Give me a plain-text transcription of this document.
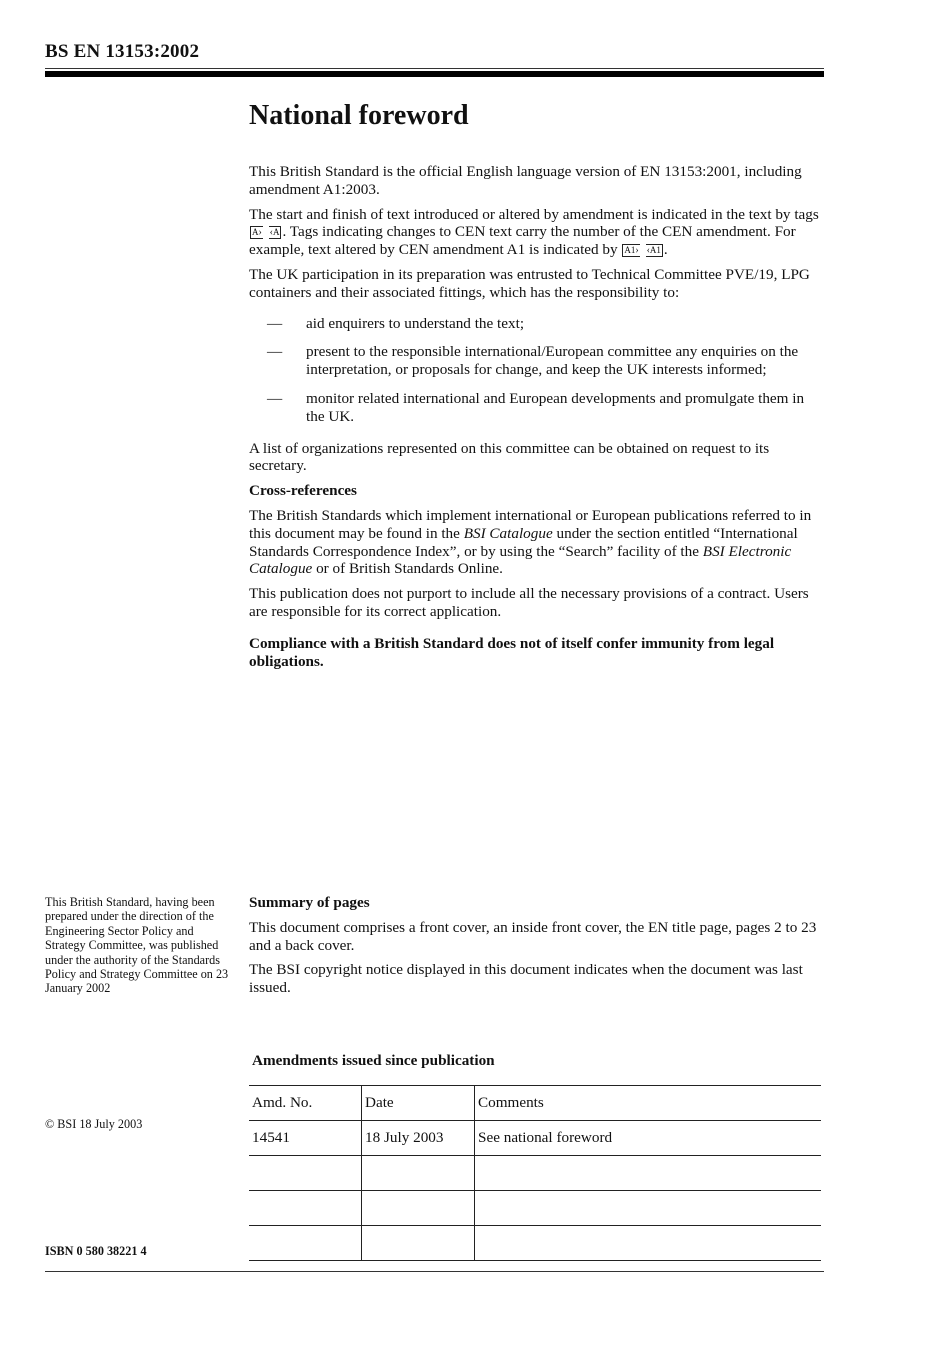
BS EN 13153:2002
National foreword

This British Standard is the official English language version of EN 13153:2001, including amendment A1:2003.

The start and finish of text introduced or altered by amendment is indicated in the text by tags A › ‹ A . Tags indicating changes to CEN text carry the number of the CEN amendment. For example, text altered by CEN amendment A1 is indicated by A1 › ‹ A1 .

The UK participation in its preparation was entrusted to Technical Committee PVE/19, LPG containers and their associated fittings, which has the responsibility to:

— aid enquirers to understand the text;
— present to the responsible international/European committee any enquiries on the interpretation, or proposals for change, and keep the UK interests informed;
— monitor related international and European developments and promulgate them in the UK.

A list of organizations represented on this committee can be obtained on request to its secretary.

Cross-references

The British Standards which implement international or European publications referred to in this document may be found in the BSI Catalogue under the section entitled “International Standards Correspondence Index”, or by using the “Search” facility of the BSI Electronic Catalogue or of British Standards Online.

This publication does not purport to include all the necessary provisions of a contract. Users are responsible for its correct application.

Compliance with a British Standard does not of itself confer immunity from legal obligations.

This British Standard, having been prepared under the direction of the Engineering Sector Policy and Strategy Committee, was published under the authority of the Standards Policy and Strategy Committee on 23 January 2002

Summary of pages

This document comprises a front cover, an inside front cover, the EN title page, pages 2 to 23 and a back cover.

The BSI copyright notice displayed in this document indicates when the document was last issued.

Amendments issued since publication
Amd. No.	Date	Comments
14541	18 July 2003	See national foreword

© BSI 18 July 2003
ISBN 0 580 38221 4
